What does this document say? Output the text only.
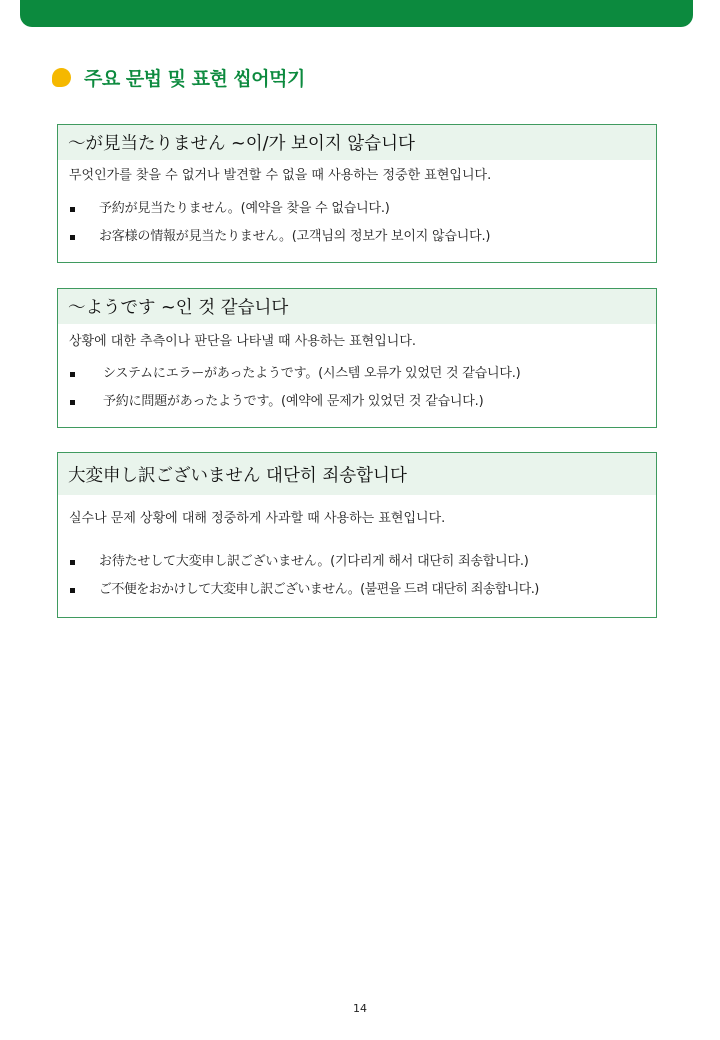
주요 문법 및 표현 씹어먹기
～が見当たりません ~이/가 보이지 않습니다
무엇인가를 찾을 수 없거나 발견할 수 없을 때 사용하는 정중한 표현입니다.
予約が見当たりません。(예약을 찾을 수 없습니다.)
お客様の情報が見当たりません。(고객님의 정보가 보이지 않습니다.)
～ようです ~인 것 같습니다
상황에 대한 추측이나 판단을 나타낼 때 사용하는 표현입니다.
システムにエラーがあったようです。(시스템 오류가 있었던 것 같습니다.)
予約に問題があったようです。(예약에 문제가 있었던 것 같습니다.)
大変申し訳ございません 대단히 죄송합니다
실수나 문제 상황에 대해 정중하게 사과할 때 사용하는 표현입니다.
お待たせして大変申し訳ございません。(기다리게 해서 대단히 죄송합니다.)
ご不便をおかけして大変申し訳ございません。(불편을 드려 대단히 죄송합니다.)
14
